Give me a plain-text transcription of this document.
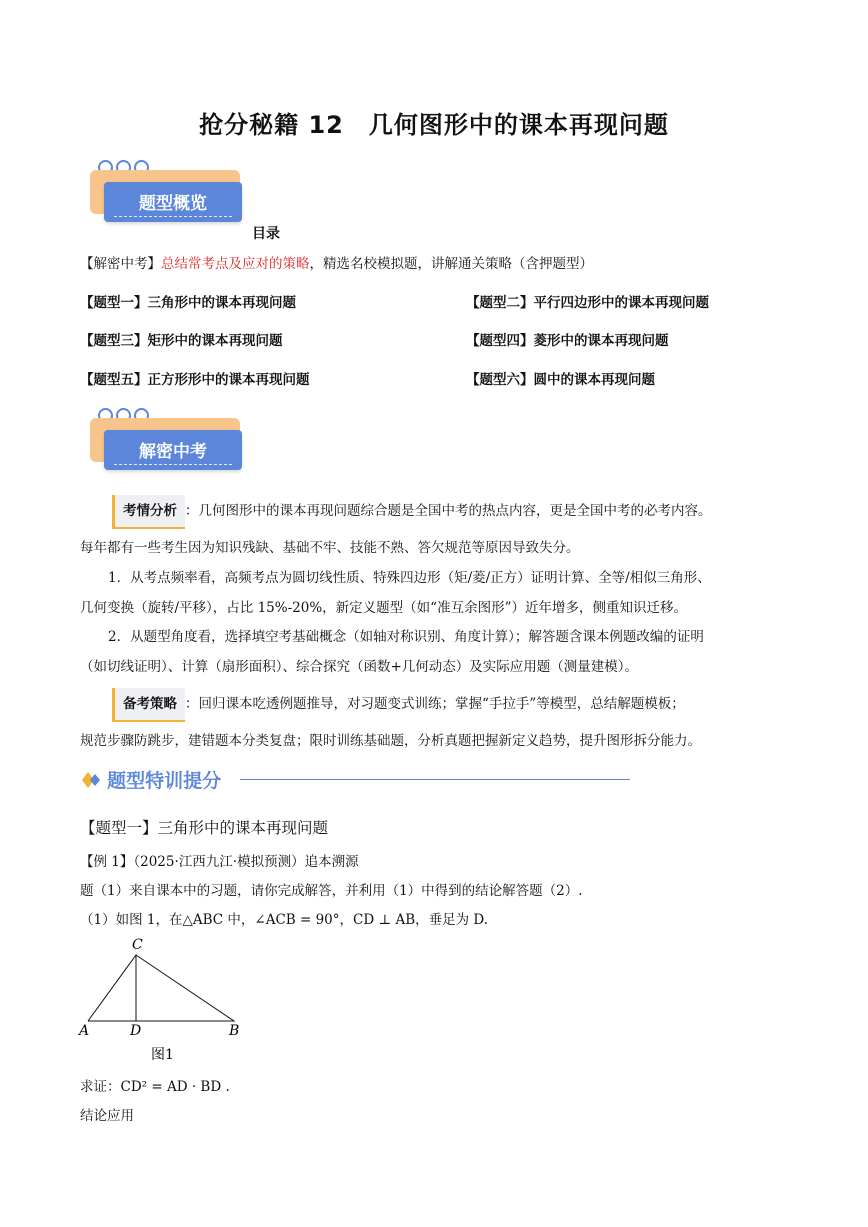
抢分秘籍 12　几何图形中的课本再现问题
题型概览
目录
【解密中考】总结常考点及应对的策略，精选名校模拟题，讲解通关策略（含押题型）
【题型一】三角形中的课本再现问题	【题型二】平行四边形中的课本再现问题
【题型三】矩形中的课本再现问题	【题型四】菱形中的课本再现问题
【题型五】正方形形中的课本再现问题	【题型六】圆中的课本再现问题
解密中考
考情分析 ：几何图形中的课本再现问题综合题是全国中考的热点内容，更是全国中考的必考内容。
每年都有一些考生因为知识残缺、基础不牢、技能不熟、答欠规范等原因导致失分。
1．从考点频率看，高频考点为圆切线性质、特殊四边形（矩/菱/正方）证明计算、全等/相似三角形、
几何变换（旋转/平移），占比 15%-20%，新定义题型（如“准互余图形”）近年增多，侧重知识迁移。
2．从题型角度看，选择填空考基础概念（如轴对称识别、角度计算）；解答题含课本例题改编的证明
（如切线证明）、计算（扇形面积）、综合探究（函数+几何动态）及实际应用题（测量建模）。
备考策略 ：回归课本吃透例题推导，对习题变式训练；掌握“手拉手”等模型，总结解题模板；
规范步骤防跳步，建错题本分类复盘；限时训练基础题，分析真题把握新定义趋势，提升图形拆分能力。
题型特训提分
【题型一】三角形中的课本再现问题
【例 1】（2025·江西九江·模拟预测）追本溯源
题（1）来自课本中的习题，请你完成解答，并利用（1）中得到的结论解答题（2）.
（1）如图 1，在△ABC 中，∠ACB = 90°，CD ⊥ AB，垂足为 D.
C
A	D	B
图1
求证：CD² = AD · BD .
结论应用
